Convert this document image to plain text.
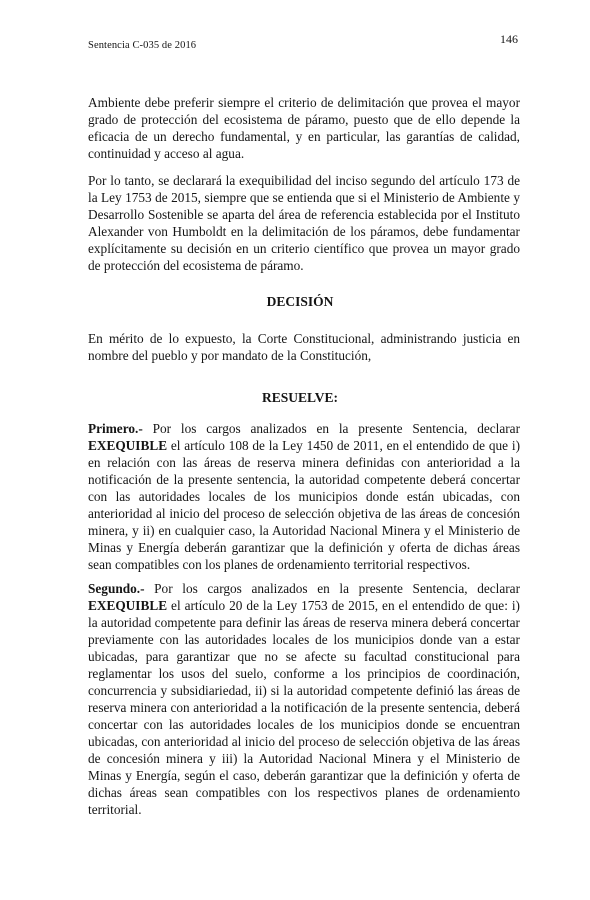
Sentencia C-035 de 2016	146

Ambiente debe preferir siempre el criterio de delimitación que provea el mayor grado de protección del ecosistema de páramo, puesto que de ello depende la eficacia de un derecho fundamental, y en particular, las garantías de calidad, continuidad y acceso al agua.

Por lo tanto, se declarará la exequibilidad del inciso segundo del artículo 173 de la Ley 1753 de 2015, siempre que se entienda que si el Ministerio de Ambiente y Desarrollo Sostenible se aparta del área de referencia establecida por el Instituto Alexander von Humboldt en la delimitación de los páramos, debe fundamentar explícitamente su decisión en un criterio científico que provea un mayor grado de protección del ecosistema de páramo.

DECISIÓN

En mérito de lo expuesto, la Corte Constitucional, administrando justicia en nombre del pueblo y por mandato de la Constitución,

RESUELVE:

Primero.- Por los cargos analizados en la presente Sentencia, declarar EXEQUIBLE el artículo 108 de la Ley 1450 de 2011, en el entendido de que i) en relación con las áreas de reserva minera definidas con anterioridad a la notificación de la presente sentencia, la autoridad competente deberá concertar con las autoridades locales de los municipios donde están ubicadas, con anterioridad al inicio del proceso de selección objetiva de las áreas de concesión minera, y ii) en cualquier caso, la Autoridad Nacional Minera y el Ministerio de Minas y Energía deberán garantizar que la definición y oferta de dichas áreas sean compatibles con los planes de ordenamiento territorial respectivos.

Segundo.- Por los cargos analizados en la presente Sentencia, declarar EXEQUIBLE el artículo 20 de la Ley 1753 de 2015, en el entendido de que: i) la autoridad competente para definir las áreas de reserva minera deberá concertar previamente con las autoridades locales de los municipios donde van a estar ubicadas, para garantizar que no se afecte su facultad constitucional para reglamentar los usos del suelo, conforme a los principios de coordinación, concurrencia y subsidiariedad, ii) si la autoridad competente definió las áreas de reserva minera con anterioridad a la notificación de la presente sentencia, deberá concertar con las autoridades locales de los municipios donde se encuentran ubicadas, con anterioridad al inicio del proceso de selección objetiva de las áreas de concesión minera y iii) la Autoridad Nacional Minera y el Ministerio de Minas y Energía, según el caso, deberán garantizar que la definición y oferta de dichas áreas sean compatibles con los respectivos planes de ordenamiento territorial.
